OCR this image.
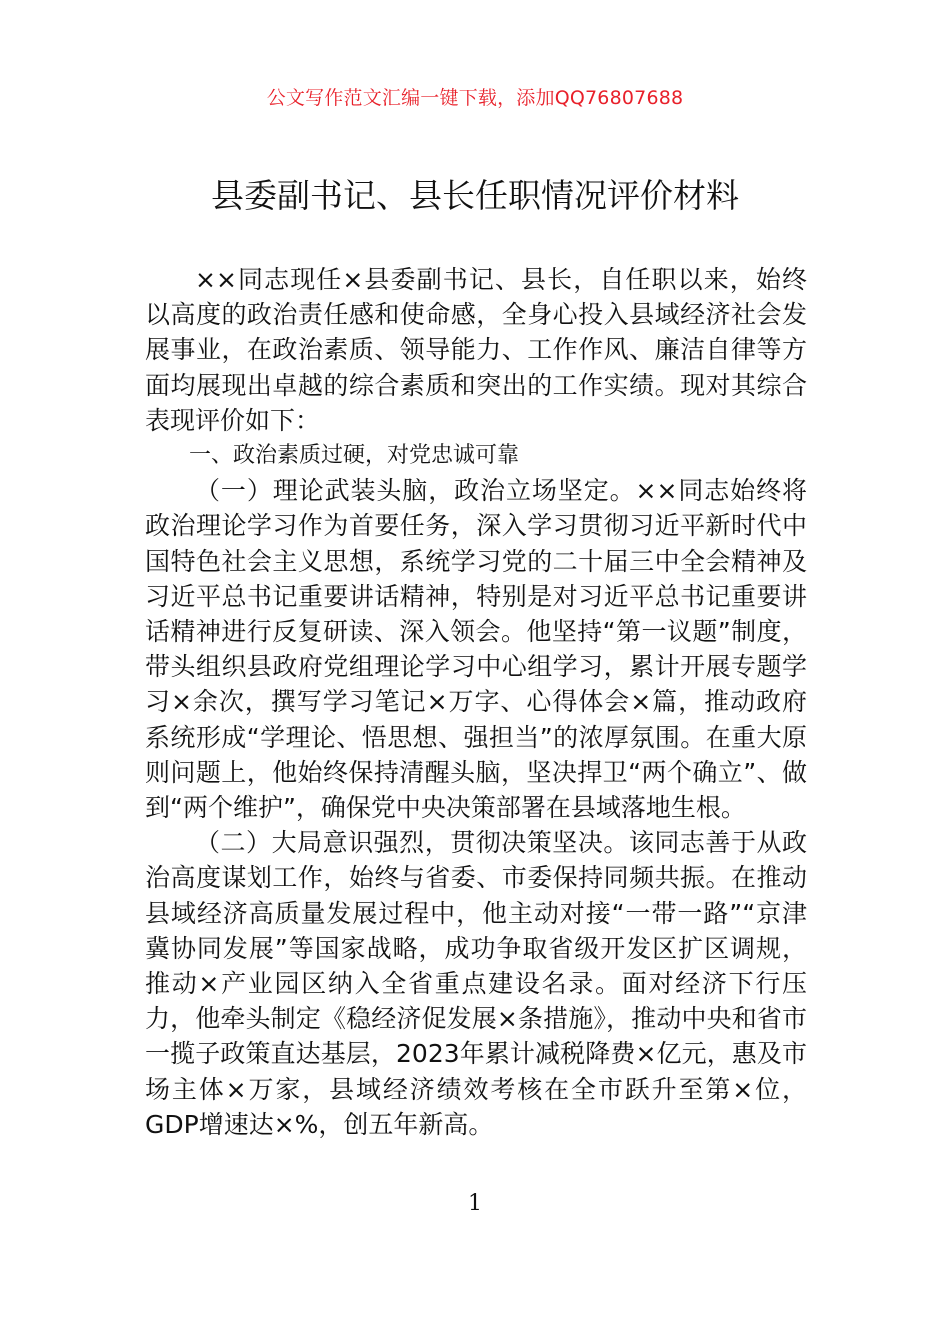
公文写作范文汇编一键下载，添加QQ76807688
县委副书记、县长任职情况评价材料

××同志现任×县委副书记、县长，自任职以来，始终以高度的政治责任感和使命感，全身心投入县域经济社会发展事业，在政治素质、领导能力、工作作风、廉洁自律等方面均展现出卓越的综合素质和突出的工作实绩。现对其综合表现评价如下：

一、政治素质过硬，对党忠诚可靠

（一）理论武装头脑，政治立场坚定。××同志始终将政治理论学习作为首要任务，深入学习贯彻习近平新时代中国特色社会主义思想，系统学习党的二十届三中全会精神及习近平总书记重要讲话精神，特别是对习近平总书记重要讲话精神进行反复研读、深入领会。他坚持“第一议题”制度，带头组织县政府党组理论学习中心组学习，累计开展专题学习×余次，撰写学习笔记×万字、心得体会×篇，推动政府系统形成“学理论、悟思想、强担当”的浓厚氛围。在重大原则问题上，他始终保持清醒头脑，坚决捍卫“两个确立”、做到“两个维护”，确保党中央决策部署在县域落地生根。

（二）大局意识强烈，贯彻决策坚决。该同志善于从政治高度谋划工作，始终与省委、市委保持同频共振。在推动县域经济高质量发展过程中，他主动对接“一带一路”“京津冀协同发展”等国家战略，成功争取省级开发区扩区调规，推动×产业园区纳入全省重点建设名录。面对经济下行压力，他牵头制定《稳经济促发展×条措施》，推动中央和省市一揽子政策直达基层，2023年累计减税降费×亿元，惠及市场主体×万家，县域经济绩效考核在全市跃升至第×位，GDP增速达×%，创五年新高。

1
